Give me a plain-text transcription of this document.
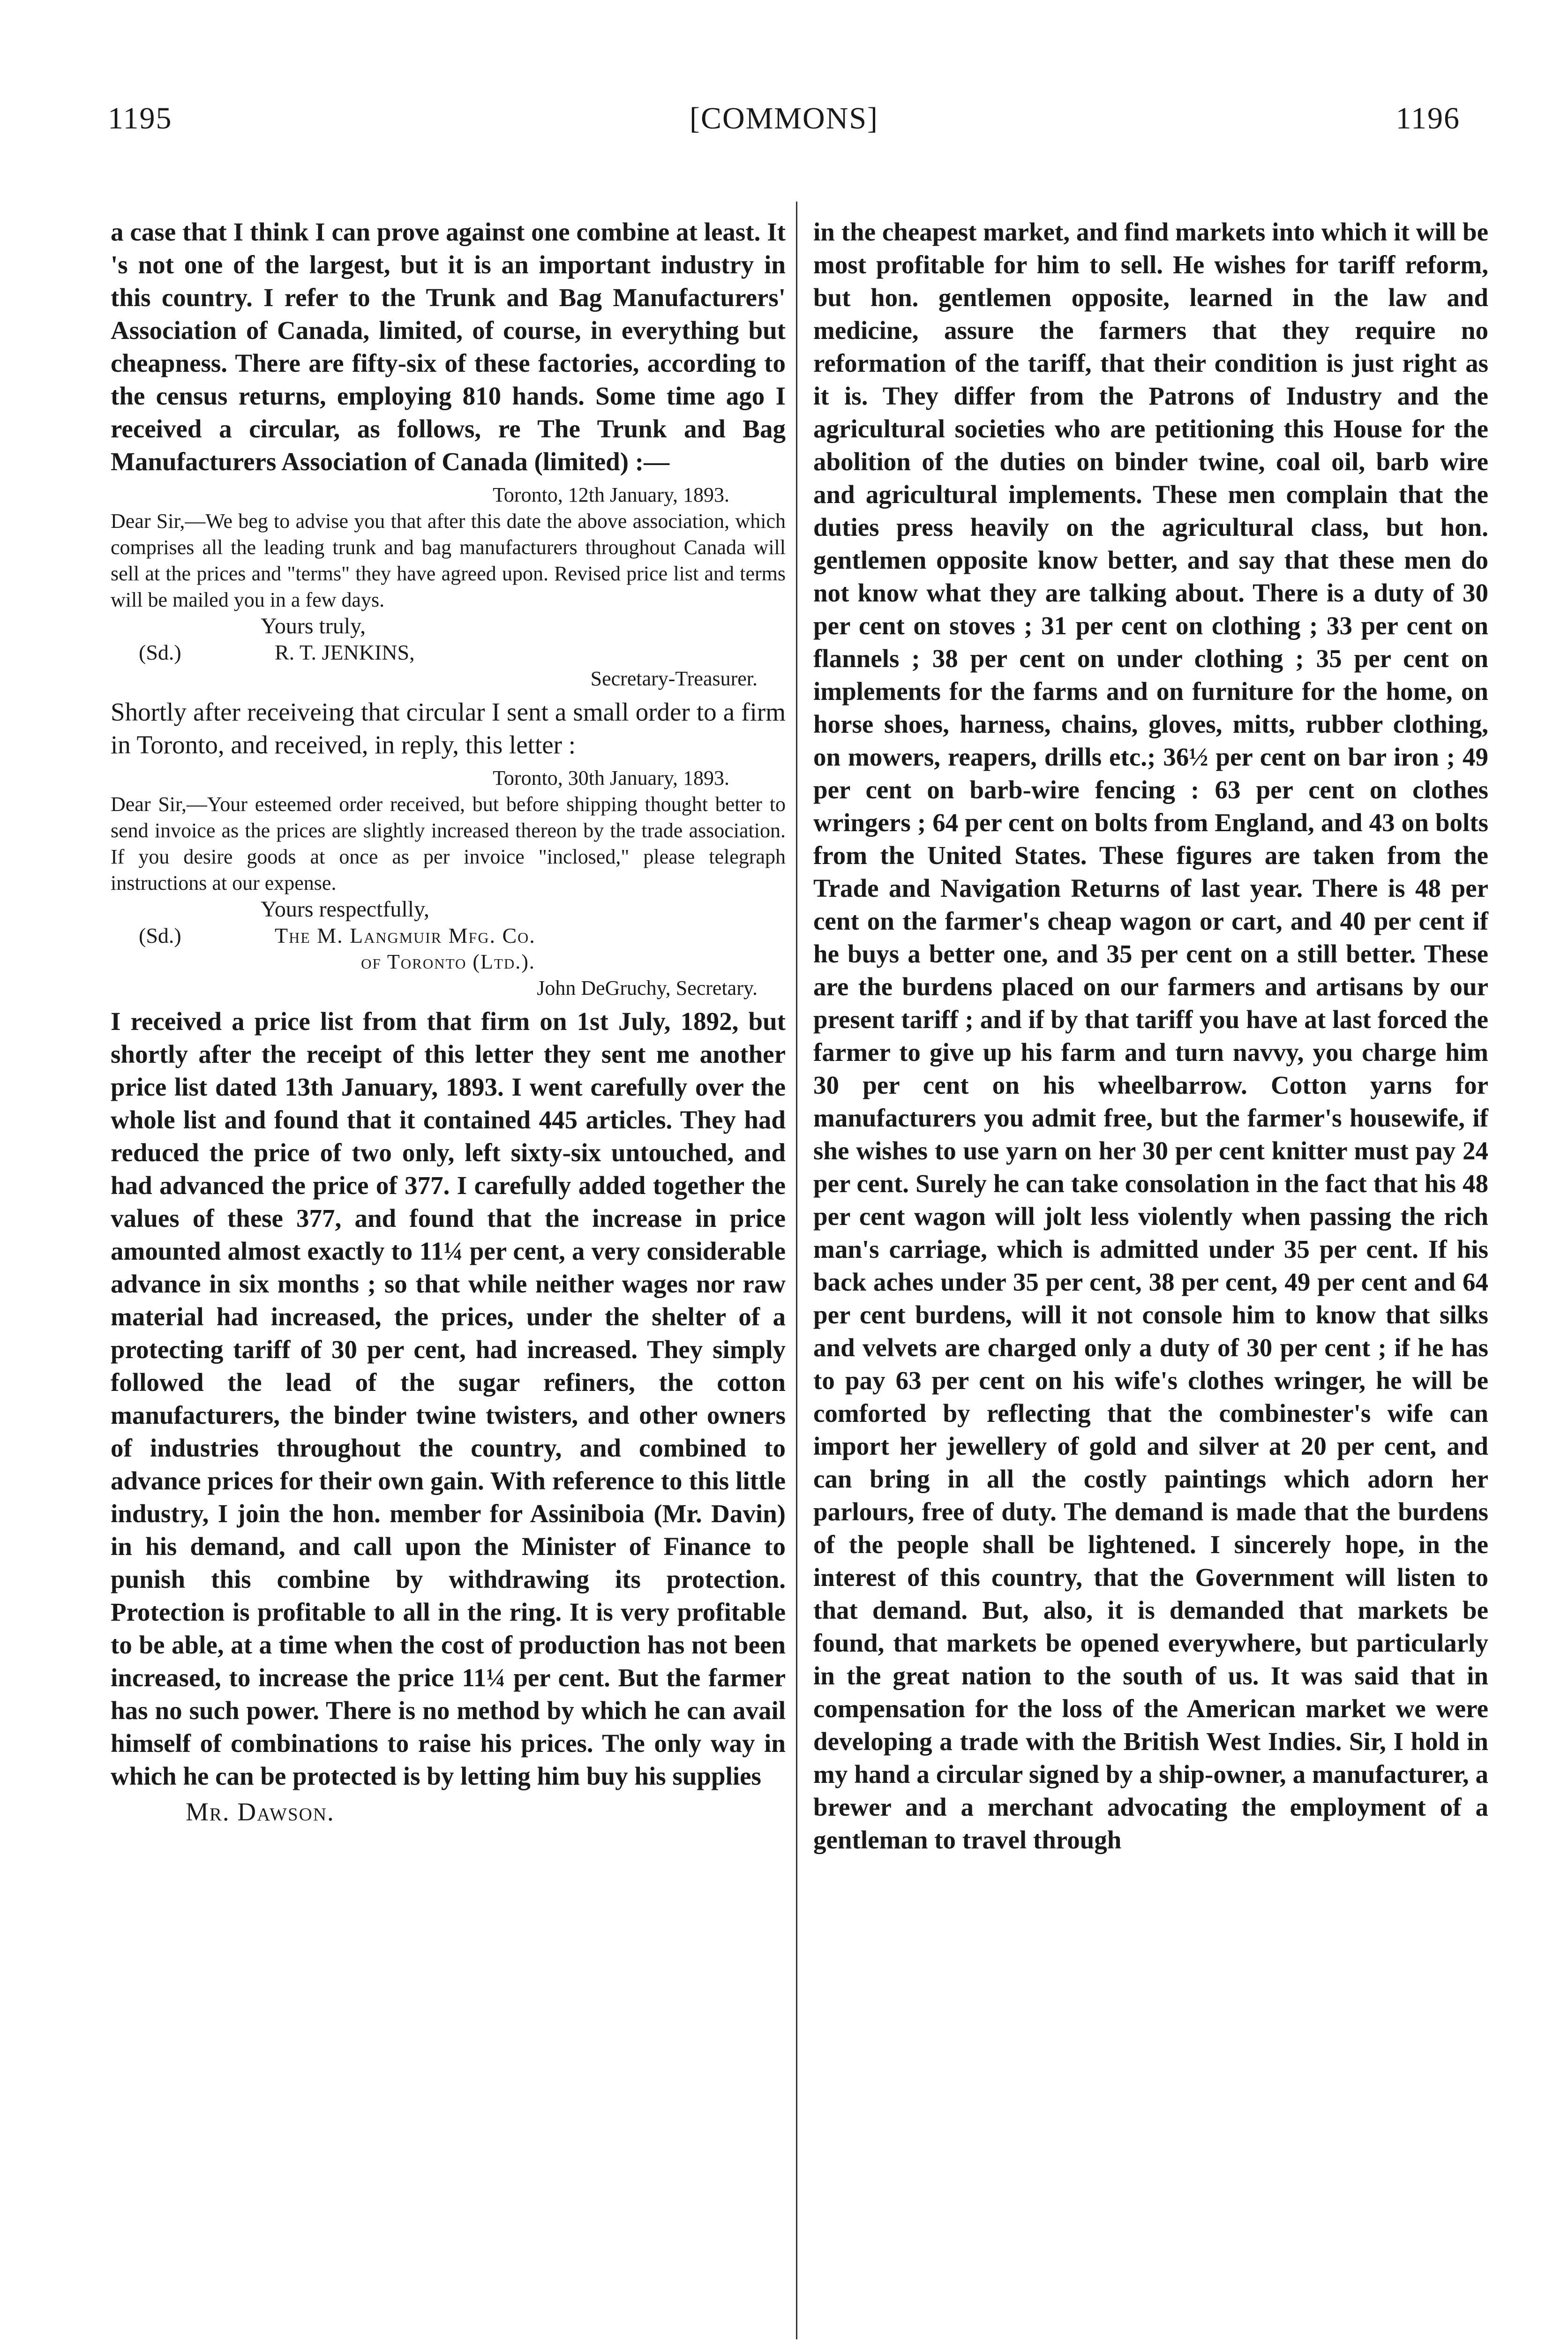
1195	[COMMONS]	1196

a case that I think I can prove against one combine at least. It 's not one of the largest, but it is an important industry in this country. I refer to the Trunk and Bag Manufacturers' Association of Canada, limited, of course, in everything but cheapness. There are fifty-six of these factories, according to the census returns, employing 810 hands. Some time ago I received a circular, as follows, re The Trunk and Bag Manufacturers Association of Canada (limited) :—

Toronto, 12th January, 1893.

Dear Sir,—We beg to advise you that after this date the above association, which comprises all the leading trunk and bag manufacturers throughout Canada will sell at the prices and "terms" they have agreed upon. Revised price list and terms will be mailed you in a few days.

Yours truly,
(Sd.)	R. T. JENKINS,
Secretary-Treasurer.

Shortly after receiveing that circular I sent a small order to a firm in Toronto, and received, in reply, this letter :

Toronto, 30th January, 1893.

Dear Sir,—Your esteemed order received, but before shipping thought better to send invoice as the prices are slightly increased thereon by the trade association. If you desire goods at once as per invoice "inclosed," please telegraph instructions at our expense.

Yours respectfully,
(Sd.)	The M. Langmuir Mfg. Co.
of Toronto (Ltd.).
John DeGruchy, Secretary.

I received a price list from that firm on 1st July, 1892, but shortly after the receipt of this letter they sent me another price list dated 13th January, 1893. I went carefully over the whole list and found that it contained 445 articles. They had reduced the price of two only, left sixty-six untouched, and had advanced the price of 377. I carefully added together the values of these 377, and found that the increase in price amounted almost exactly to 11¼ per cent, a very considerable advance in six months ; so that while neither wages nor raw material had increased, the prices, under the shelter of a protecting tariff of 30 per cent, had increased. They simply followed the lead of the sugar refiners, the cotton manufacturers, the binder twine twisters, and other owners of industries throughout the country, and combined to advance prices for their own gain. With reference to this little industry, I join the hon. member for Assiniboia (Mr. Davin) in his demand, and call upon the Minister of Finance to punish this combine by withdrawing its protection. Protection is profitable to all in the ring. It is very profitable to be able, at a time when the cost of production has not been increased, to increase the price 11¼ per cent. But the farmer has no such power. There is no method by which he can avail himself of combinations to raise his prices. The only way in which he can be protected is by letting him buy his supplies

Mr. Dawson.

in the cheapest market, and find markets into which it will be most profitable for him to sell. He wishes for tariff reform, but hon. gentlemen opposite, learned in the law and medicine, assure the farmers that they require no reformation of the tariff, that their condition is just right as it is. They differ from the Patrons of Industry and the agricultural societies who are petitioning this House for the abolition of the duties on binder twine, coal oil, barb wire and agricultural implements. These men complain that the duties press heavily on the agricultural class, but hon. gentlemen opposite know better, and say that these men do not know what they are talking about. There is a duty of 30 per cent on stoves ; 31 per cent on clothing ; 33 per cent on flannels ; 38 per cent on under clothing ; 35 per cent on implements for the farms and on furniture for the home, on horse shoes, harness, chains, gloves, mitts, rubber clothing, on mowers, reapers, drills etc.; 36½ per cent on bar iron ; 49 per cent on barb-wire fencing : 63 per cent on clothes wringers ; 64 per cent on bolts from England, and 43 on bolts from the United States. These figures are taken from the Trade and Navigation Returns of last year. There is 48 per cent on the farmer's cheap wagon or cart, and 40 per cent if he buys a better one, and 35 per cent on a still better. These are the burdens placed on our farmers and artisans by our present tariff ; and if by that tariff you have at last forced the farmer to give up his farm and turn navvy, you charge him 30 per cent on his wheelbarrow. Cotton yarns for manufacturers you admit free, but the farmer's housewife, if she wishes to use yarn on her 30 per cent knitter must pay 24 per cent. Surely he can take consolation in the fact that his 48 per cent wagon will jolt less violently when passing the rich man's carriage, which is admitted under 35 per cent. If his back aches under 35 per cent, 38 per cent, 49 per cent and 64 per cent burdens, will it not console him to know that silks and velvets are charged only a duty of 30 per cent ; if he has to pay 63 per cent on his wife's clothes wringer, he will be comforted by reflecting that the combinester's wife can import her jewellery of gold and silver at 20 per cent, and can bring in all the costly paintings which adorn her parlours, free of duty. The demand is made that the burdens of the people shall be lightened. I sincerely hope, in the interest of this country, that the Government will listen to that demand. But, also, it is demanded that markets be found, that markets be opened everywhere, but particularly in the great nation to the south of us. It was said that in compensation for the loss of the American market we were developing a trade with the British West Indies. Sir, I hold in my hand a circular signed by a ship-owner, a manufacturer, a brewer and a merchant advocating the employment of a gentleman to travel through
